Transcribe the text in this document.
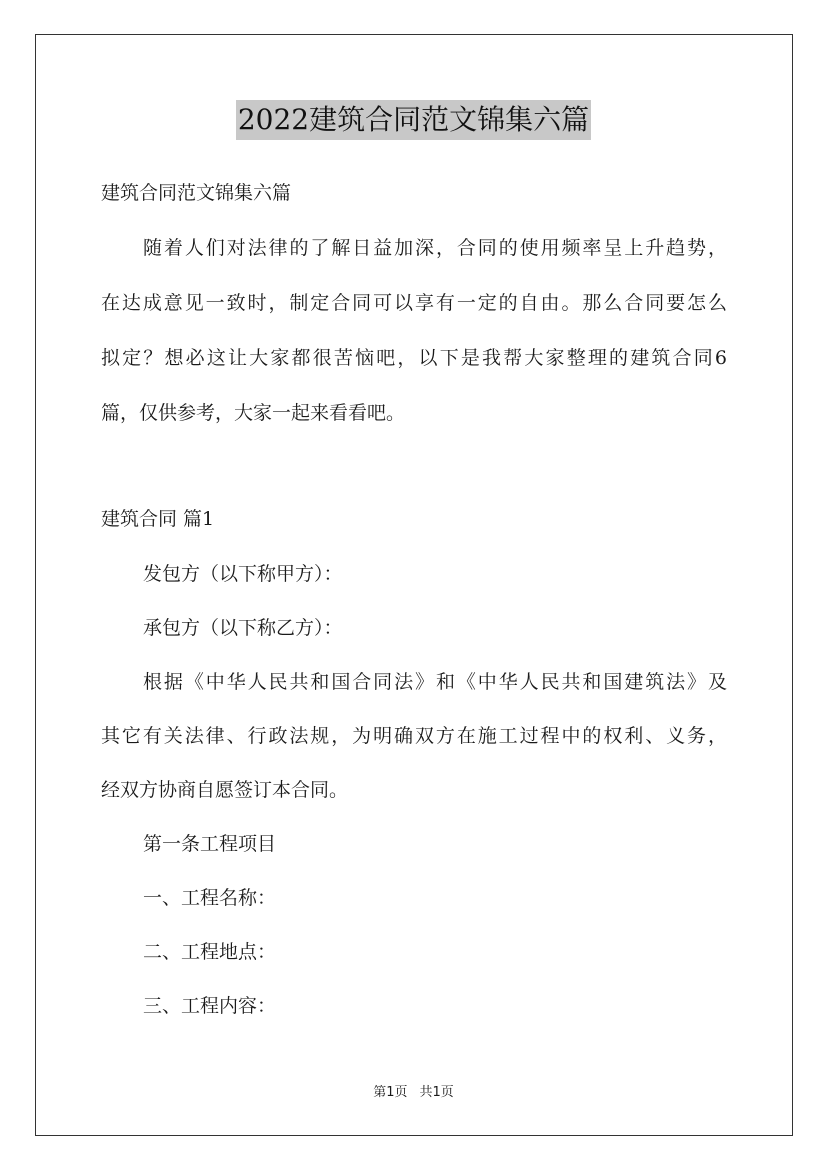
2022建筑合同范文锦集六篇
建筑合同范文锦集六篇
随着人们对法律的了解日益加深，合同的使用频率呈上升趋势，
在达成意见一致时，制定合同可以享有一定的自由。那么合同要怎么
拟定？想必这让大家都很苦恼吧，以下是我帮大家整理的建筑合同6
篇，仅供参考，大家一起来看看吧。
建筑合同 篇1
发包方（以下称甲方）：
承包方（以下称乙方）：
根据《中华人民共和国合同法》和《中华人民共和国建筑法》及
其它有关法律、行政法规，为明确双方在施工过程中的权利、义务，
经双方协商自愿签订本合同。
第一条工程项目
一、工程名称：
二、工程地点：
三、工程内容：
第1页 共1页
